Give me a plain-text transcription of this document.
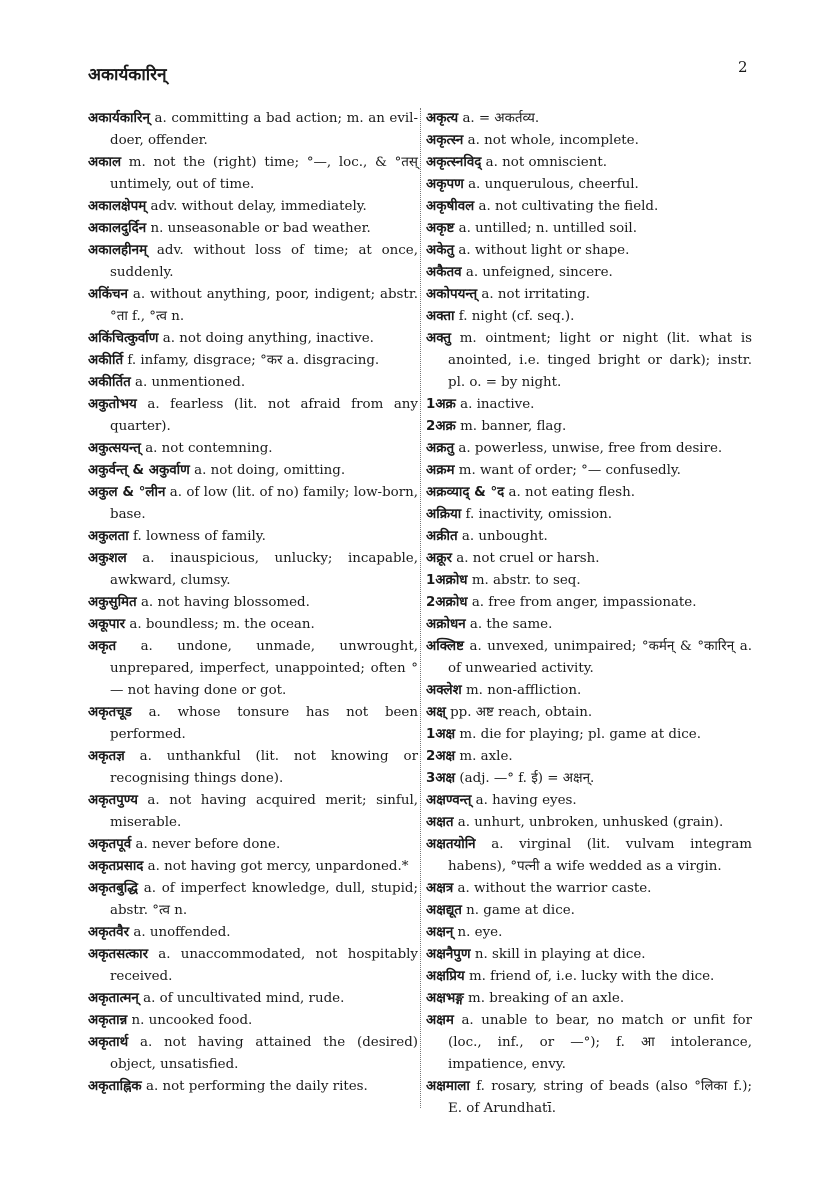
अकार्यकारिन्	2
अकार्यकारिन् a. committing a bad action; m. an evil-doer, offender.
अकाल m. not the (right) time; °—, loc., & °तस् untimely, out of time.
अकालक्षेपम् adv. without delay, immediately.
अकालदुर्दिन n. unseasonable or bad weather.
अकालहीनम् adv. without loss of time; at once, suddenly.
अकिंचन a. without anything, poor, indigent; abstr. °ता f., °त्व n.
अकिंचित्कुर्वाण a. not doing anything, inactive.
अकीर्ति f. infamy, disgrace; °कर a. disgracing.
अकीर्तित a. unmentioned.
अकुतोभय a. fearless (lit. not afraid from any quarter).
अकुत्सयन्त् a. not contemning.
अकुर्वन्त् & अकुर्वाण a. not doing, omitting.
अकुल & °लीन a. of low (lit. of no) family; low-born, base.
अकुलता f. lowness of family.
अकुशल a. inauspicious, unlucky; incapable, awkward, clumsy.
अकुसुमित a. not having blossomed.
अकूपार a. boundless; m. the ocean.
अकृत a. undone, unmade, unwrought, unprepared, imperfect, unappointed; often °— not having done or got.
अकृतचूड a. whose tonsure has not been performed.
अकृतज्ञ a. unthankful (lit. not knowing or recognising things done).
अकृतपुण्य a. not having acquired merit; sinful, miserable.
अकृतपूर्व a. never before done.
अकृतप्रसाद a. not having got mercy, unpardoned.*
अकृतबुद्धि a. of imperfect knowledge, dull, stupid; abstr. °त्व n.
अकृतवैर a. unoffended.
अकृतसत्कार a. unaccommodated, not hospitably received.
अकृतात्मन् a. of uncultivated mind, rude.
अकृतान्न n. uncooked food.
अकृतार्थ a. not having attained the (desired) object, unsatisfied.
अकृताह्निक a. not performing the daily rites.
अकृत्य a. = अकर्तव्य.
अकृत्स्न a. not whole, incomplete.
अकृत्स्नविद् a. not omniscient.
अकृपण a. unquerulous, cheerful.
अकृषीवल a. not cultivating the field.
अकृष्ट a. untilled; n. untilled soil.
अकेतु a. without light or shape.
अकैतव a. unfeigned, sincere.
अकोपयन्त् a. not irritating.
अक्ता f. night (cf. seq.).
अक्तु m. ointment; light or night (lit. what is anointed, i.e. tinged bright or dark); instr. pl. o. = by night.
1अक्र a. inactive.
2अक्र m. banner, flag.
अक्रतु a. powerless, unwise, free from desire.
अक्रम m. want of order; °— confusedly.
अक्रव्याद् & °द a. not eating flesh.
अक्रिया f. inactivity, omission.
अक्रीत a. unbought.
अक्रूर a. not cruel or harsh.
1अक्रोध m. abstr. to seq.
2अक्रोध a. free from anger, impassionate.
अक्रोधन a. the same.
अक्लिष्ट a. unvexed, unimpaired; °कर्मन् & °कारिन् a. of unwearied activity.
अक्लेश m. non-affliction.
अक्ष् pp. अष्ट reach, obtain.
1अक्ष m. die for playing; pl. game at dice.
2अक्ष m. axle.
3अक्ष (adj. —° f. ई) = अक्षन्.
अक्षण्वन्त् a. having eyes.
अक्षत a. unhurt, unbroken, unhusked (grain).
अक्षतयोनि a. virginal (lit. vulvam integram habens), °पत्नी a wife wedded as a virgin.
अक्षत्र a. without the warrior caste.
अक्षद्यूत n. game at dice.
अक्षन् n. eye.
अक्षनैपुण n. skill in playing at dice.
अक्षप्रिय m. friend of, i.e. lucky with the dice.
अक्षभङ्ग m. breaking of an axle.
अक्षम a. unable to bear, no match or unfit for (loc., inf., or —°); f. आ intolerance, impatience, envy.
अक्षमाला f. rosary, string of beads (also °लिका f.); E. of Arundhatī.
